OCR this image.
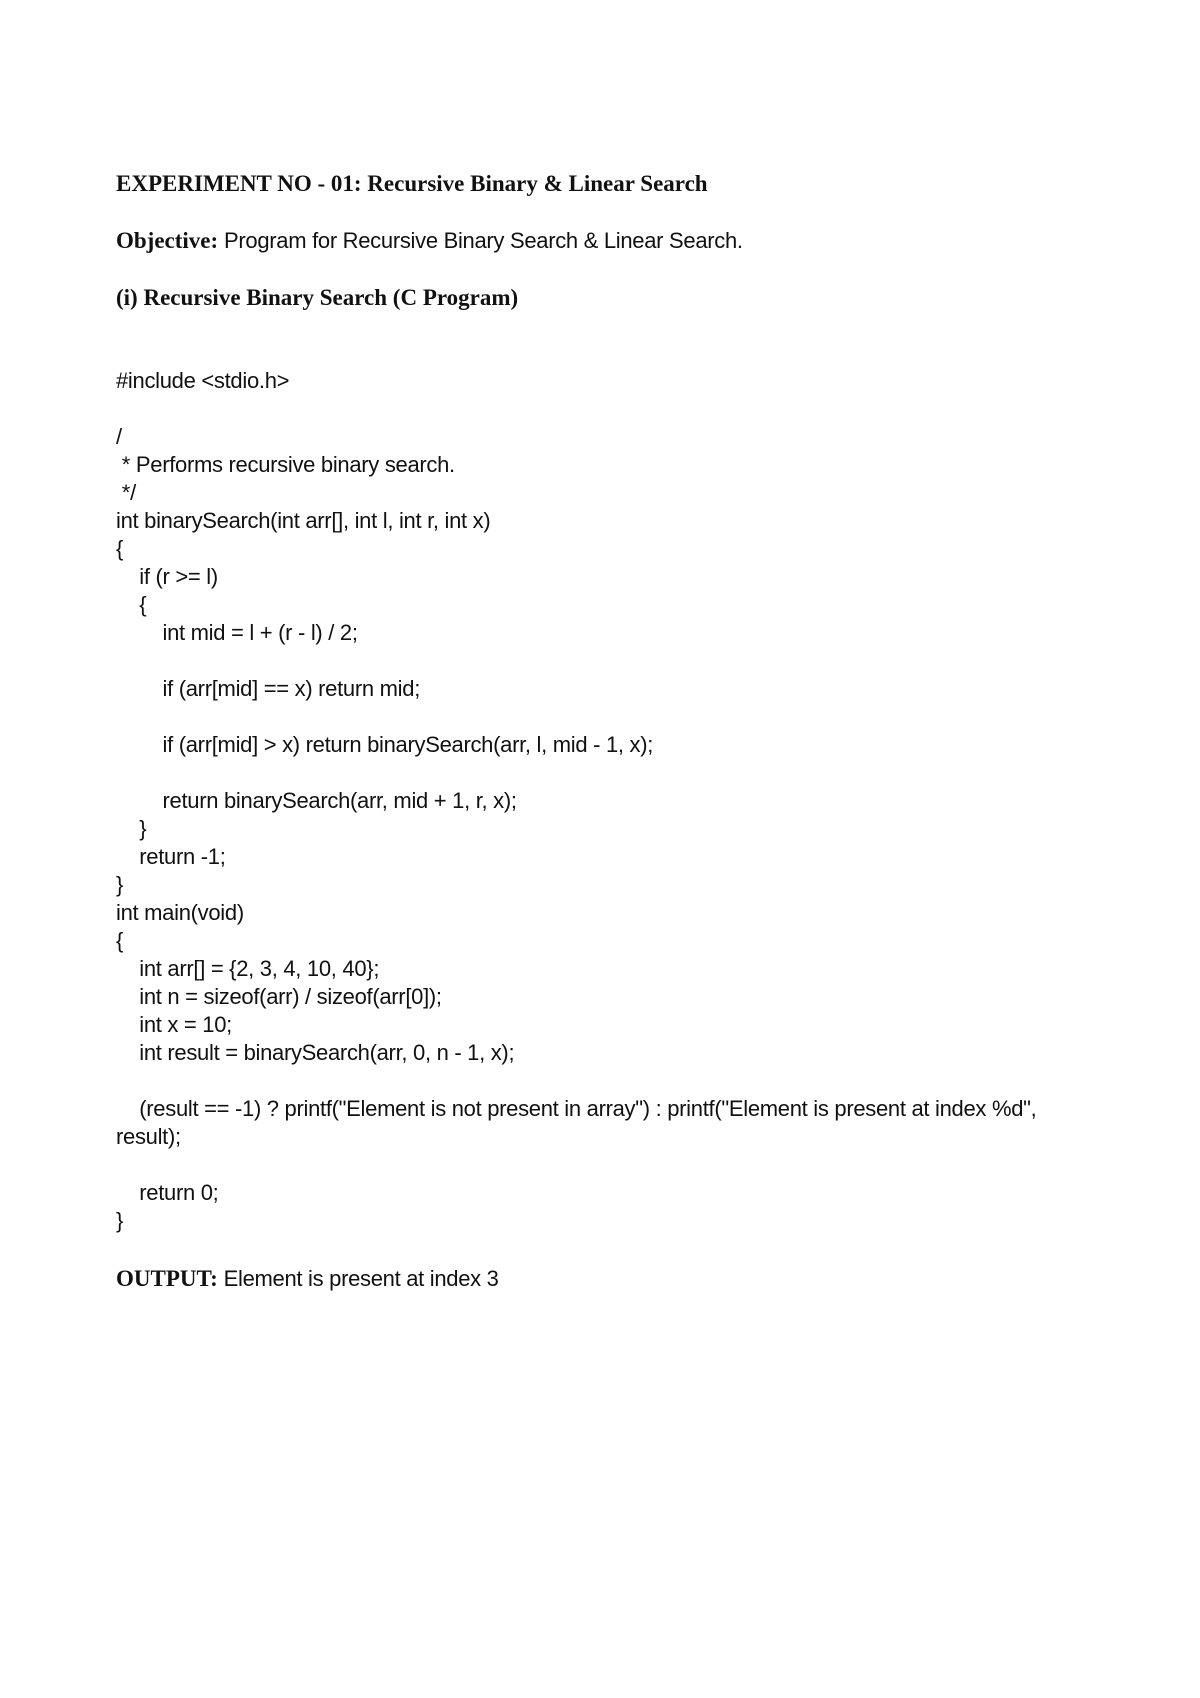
EXPERIMENT NO - 01: Recursive Binary & Linear Search

Objective: Program for Recursive Binary Search & Linear Search.

(i) Recursive Binary Search (C Program)
#include <stdio.h>
/
* Performs recursive binary search.
*/
int binarySearch(int arr[], int l, int r, int x)
{
if (r >= l)
{
int mid = l + (r - l) / 2;
if (arr[mid] == x) return mid;
if (arr[mid] > x) return binarySearch(arr, l, mid - 1, x);
return binarySearch(arr, mid + 1, r, x);
}
return -1;
}
int main(void)
{
int arr[] = {2, 3, 4, 10, 40};
int n = sizeof(arr) / sizeof(arr[0]);
int x = 10;
int result = binarySearch(arr, 0, n - 1, x);
(result == -1) ? printf("Element is not present in array") : printf("Element is present at index %d", result);
return 0;
}

OUTPUT: Element is present at index 3
